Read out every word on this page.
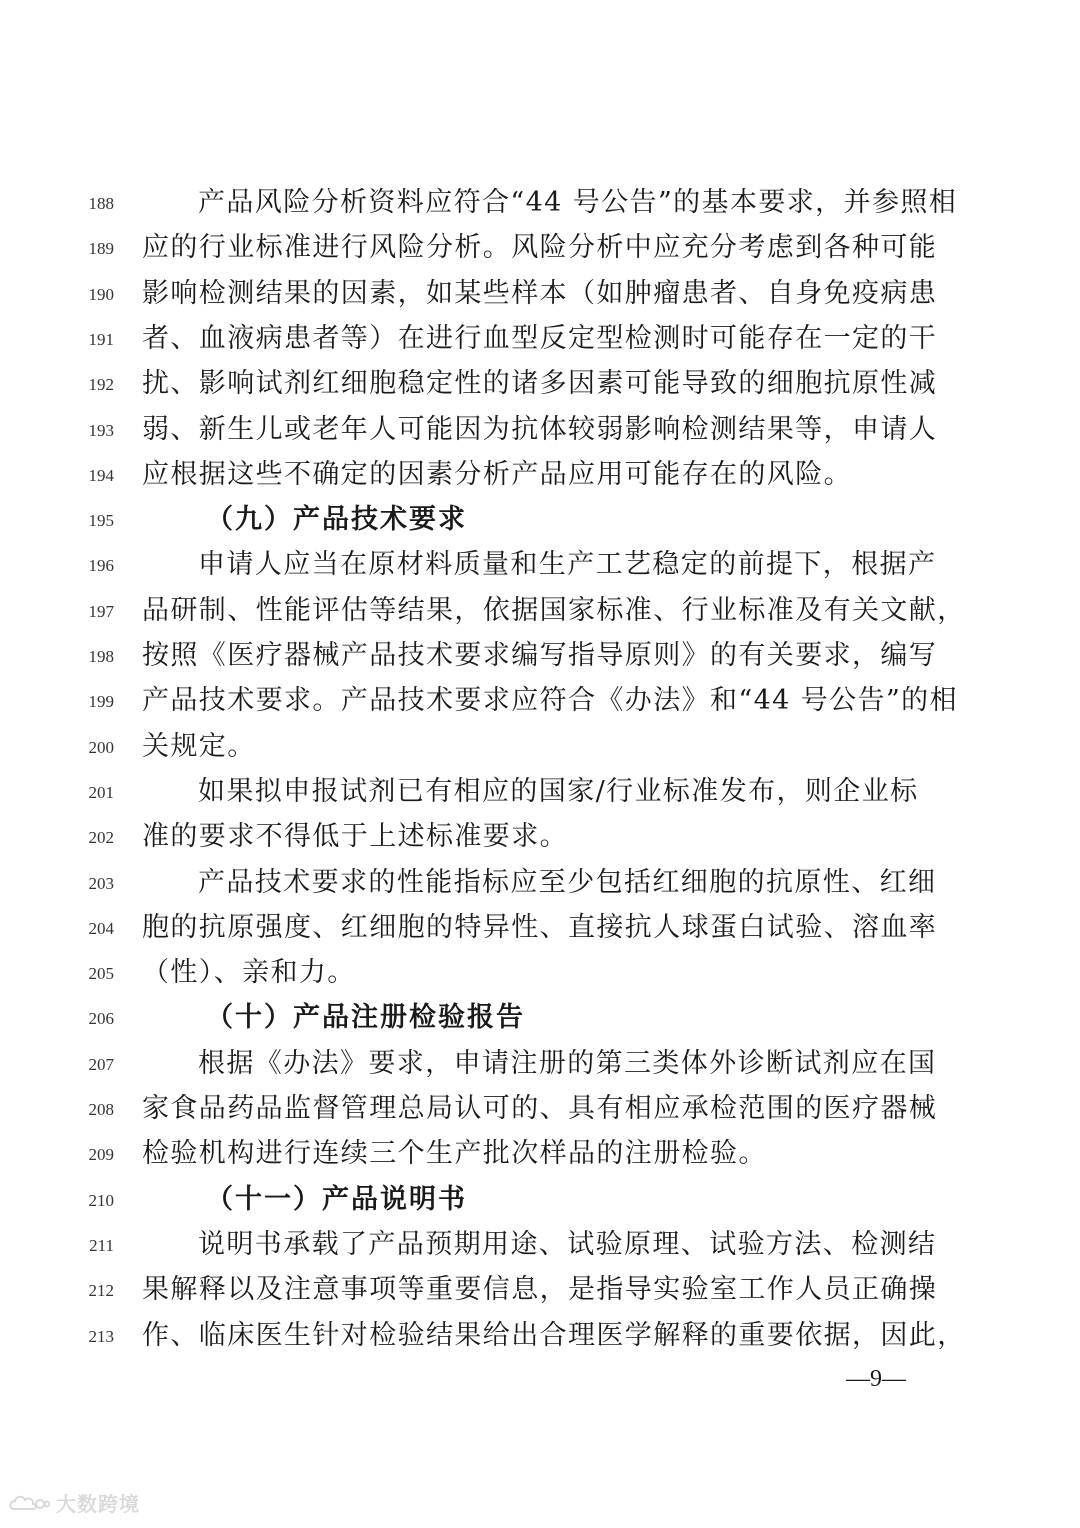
188	产品风险分析资料应符合“44 号公告”的基本要求，并参照相
189 应的行业标准进行风险分析。风险分析中应充分考虑到各种可能
190 影响检测结果的因素，如某些样本（如肿瘤患者、自身免疫病患
191 者、血液病患者等）在进行血型反定型检测时可能存在一定的干
192 扰、影响试剂红细胞稳定性的诸多因素可能导致的细胞抗原性减
193 弱、新生儿或老年人可能因为抗体较弱影响检测结果等，申请人
194 应根据这些不确定的因素分析产品应用可能存在的风险。
195	（九）产品技术要求
196	申请人应当在原材料质量和生产工艺稳定的前提下，根据产
197 品研制、性能评估等结果，依据国家标准、行业标准及有关文献，
198 按照《医疗器械产品技术要求编写指导原则》的有关要求，编写
199 产品技术要求。产品技术要求应符合《办法》和“44 号公告”的相
200 关规定。
201	如果拟申报试剂已有相应的国家/行业标准发布，则企业标
202 准的要求不得低于上述标准要求。
203	产品技术要求的性能指标应至少包括红细胞的抗原性、红细
204 胞的抗原强度、红细胞的特异性、直接抗人球蛋白试验、溶血率
205 （性）、亲和力。
206	（十）产品注册检验报告
207	根据《办法》要求，申请注册的第三类体外诊断试剂应在国
208 家食品药品监督管理总局认可的、具有相应承检范围的医疗器械
209 检验机构进行连续三个生产批次样品的注册检验。
210	（十一）产品说明书
211	说明书承载了产品预期用途、试验原理、试验方法、检测结
212 果解释以及注意事项等重要信息，是指导实验室工作人员正确操
213 作、临床医生针对检验结果给出合理医学解释的重要依据，因此，
—9—
大数跨境
